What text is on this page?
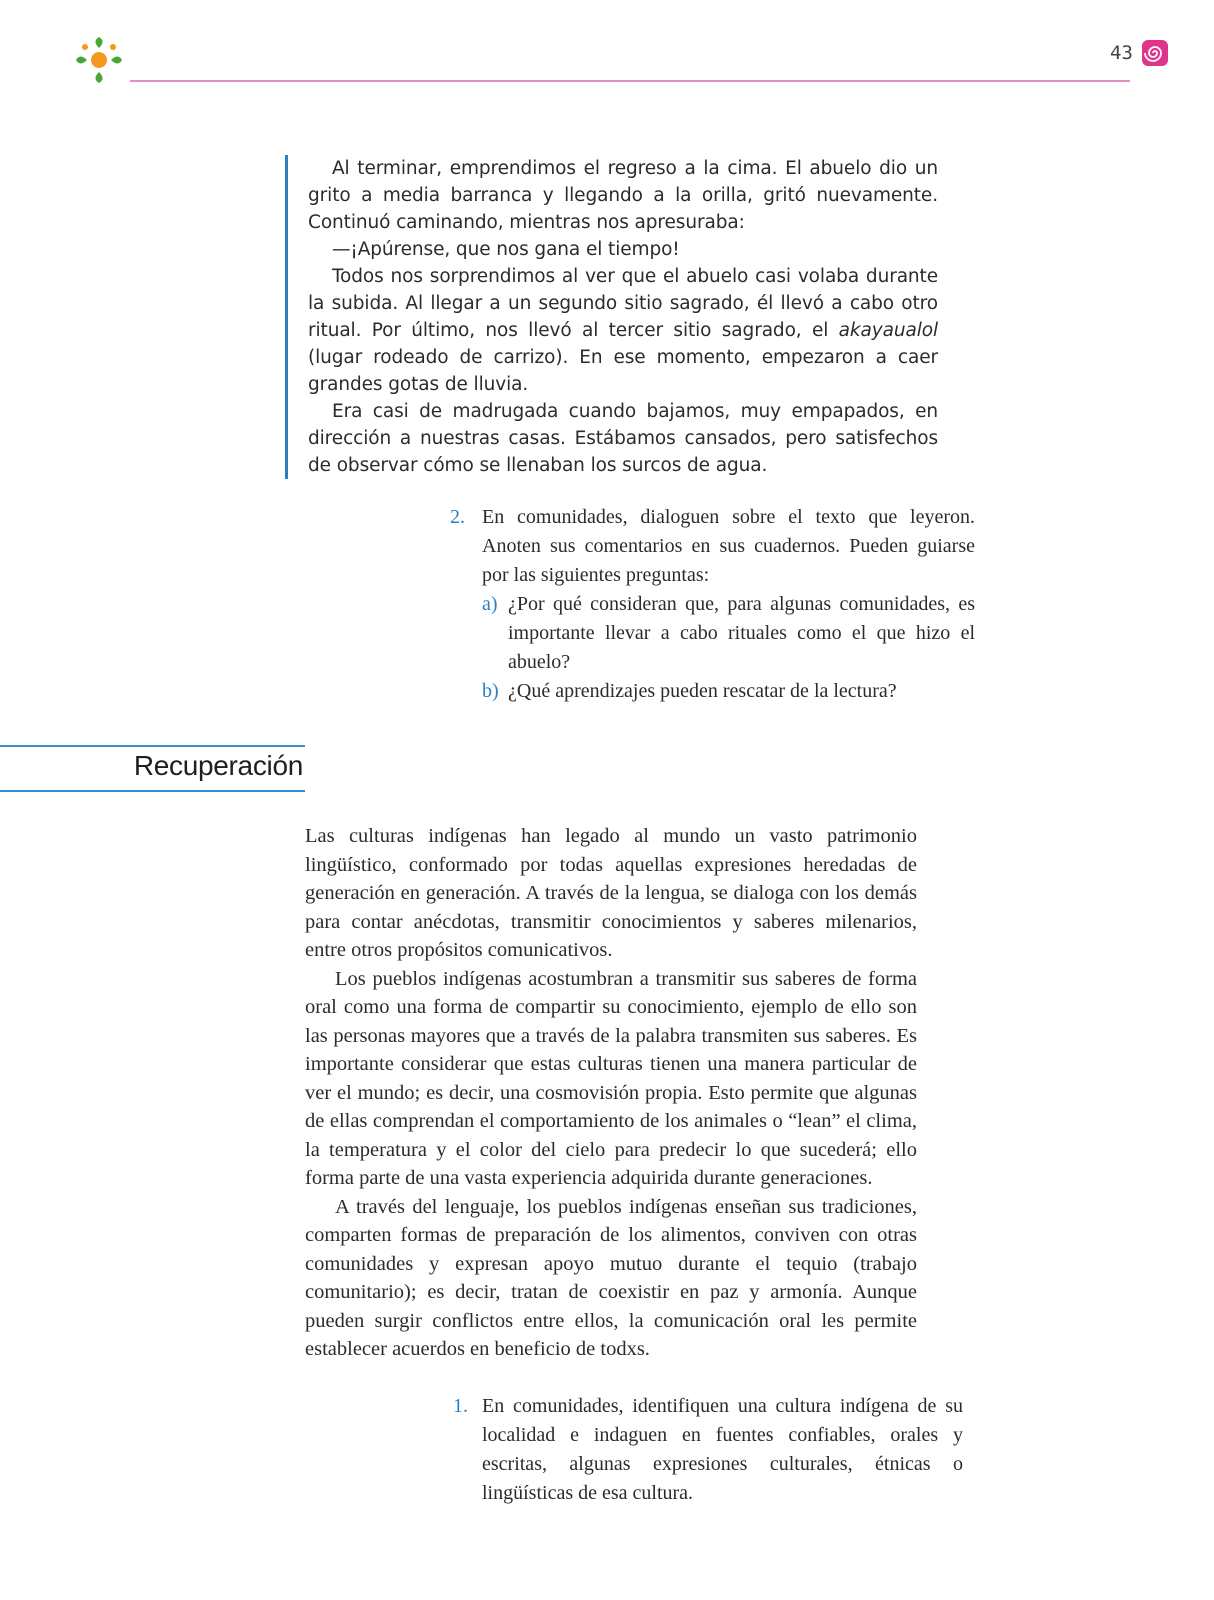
43

Al terminar, emprendimos el regreso a la cima. El abuelo dio un grito a media barranca y llegando a la orilla, gritó nuevamente. Continuó caminando, mientras nos apresuraba:

—¡Apúrense, que nos gana el tiempo!

Todos nos sorprendimos al ver que el abuelo casi volaba durante la subida. Al llegar a un segundo sitio sagrado, él llevó a cabo otro ritual. Por último, nos llevó al tercer sitio sagrado, el akayaualol (lugar rodeado de carrizo). En ese momento, empezaron a caer grandes gotas de lluvia.

Era casi de madrugada cuando bajamos, muy empapados, en dirección a nuestras casas. Estábamos cansados, pero satisfechos de observar cómo se llenaban los surcos de agua.

2. En comunidades, dialoguen sobre el texto que leyeron. Anoten sus comentarios en sus cuadernos. Pueden guiarse por las siguientes preguntas:
a) ¿Por qué consideran que, para algunas comunidades, es importante llevar a cabo rituales como el que hizo el abuelo?
b) ¿Qué aprendizajes pueden rescatar de la lectura?
Recuperación

Las culturas indígenas han legado al mundo un vasto patrimonio lingüístico, conformado por todas aquellas expresiones heredadas de generación en generación. A través de la lengua, se dialoga con los demás para contar anécdotas, transmitir conocimientos y saberes milenarios, entre otros propósitos comunicativos.

Los pueblos indígenas acostumbran a transmitir sus saberes de forma oral como una forma de compartir su conocimiento, ejemplo de ello son las personas mayores que a través de la palabra transmiten sus saberes. Es importante considerar que estas culturas tienen una manera particular de ver el mundo; es decir, una cosmovisión propia. Esto permite que algunas de ellas comprendan el comportamiento de los animales o “lean” el clima, la temperatura y el color del cielo para predecir lo que sucederá; ello forma parte de una vasta experiencia adquirida durante generaciones.

A través del lenguaje, los pueblos indígenas enseñan sus tradiciones, comparten formas de preparación de los alimentos, conviven con otras comunidades y expresan apoyo mutuo durante el tequio (trabajo comunitario); es decir, tratan de coexistir en paz y armonía. Aunque pueden surgir conflictos entre ellos, la comunicación oral les permite establecer acuerdos en beneficio de todxs.

1. En comunidades, identifiquen una cultura indígena de su localidad e indaguen en fuentes confiables, orales y escritas, algunas expresiones culturales, étnicas o lingüísticas de esa cultura.
